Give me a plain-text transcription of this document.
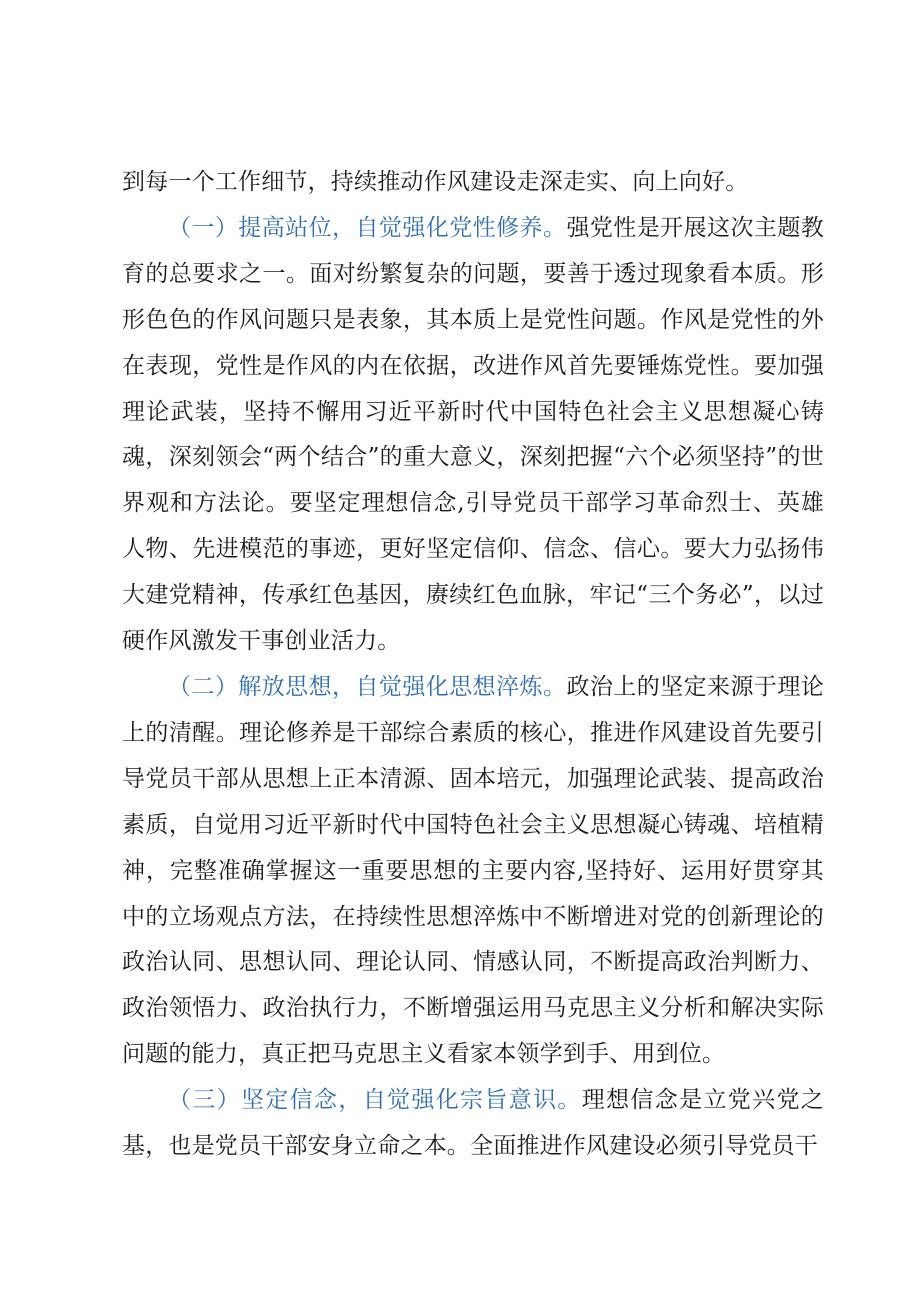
到每一个工作细节，持续推动作风建设走深走实、向上向好。

（一）提高站位，自觉强化党性修养。强党性是开展这次主题教育的总要求之一。面对纷繁复杂的问题，要善于透过现象看本质。形形色色的作风问题只是表象，其本质上是党性问题。作风是党性的外在表现，党性是作风的内在依据，改进作风首先要锤炼党性。要加强理论武装，坚持不懈用习近平新时代中国特色社会主义思想凝心铸魂，深刻领会“两个结合”的重大意义，深刻把握“六个必须坚持”的世界观和方法论。要坚定理想信念,引导党员干部学习革命烈士、英雄人物、先进模范的事迹，更好坚定信仰、信念、信心。要大力弘扬伟大建党精神，传承红色基因，赓续红色血脉，牢记“三个务必”，以过硬作风激发干事创业活力。

（二）解放思想，自觉强化思想淬炼。政治上的坚定来源于理论上的清醒。理论修养是干部综合素质的核心，推进作风建设首先要引导党员干部从思想上正本清源、固本培元，加强理论武装、提高政治素质，自觉用习近平新时代中国特色社会主义思想凝心铸魂、培植精神，完整准确掌握这一重要思想的主要内容,坚持好、运用好贯穿其中的立场观点方法，在持续性思想淬炼中不断增进对党的创新理论的政治认同、思想认同、理论认同、情感认同，不断提高政治判断力、政治领悟力、政治执行力，不断增强运用马克思主义分析和解决实际问题的能力，真正把马克思主义看家本领学到手、用到位。

（三）坚定信念，自觉强化宗旨意识。理想信念是立党兴党之基，也是党员干部安身立命之本。全面推进作风建设必须引导党员干
